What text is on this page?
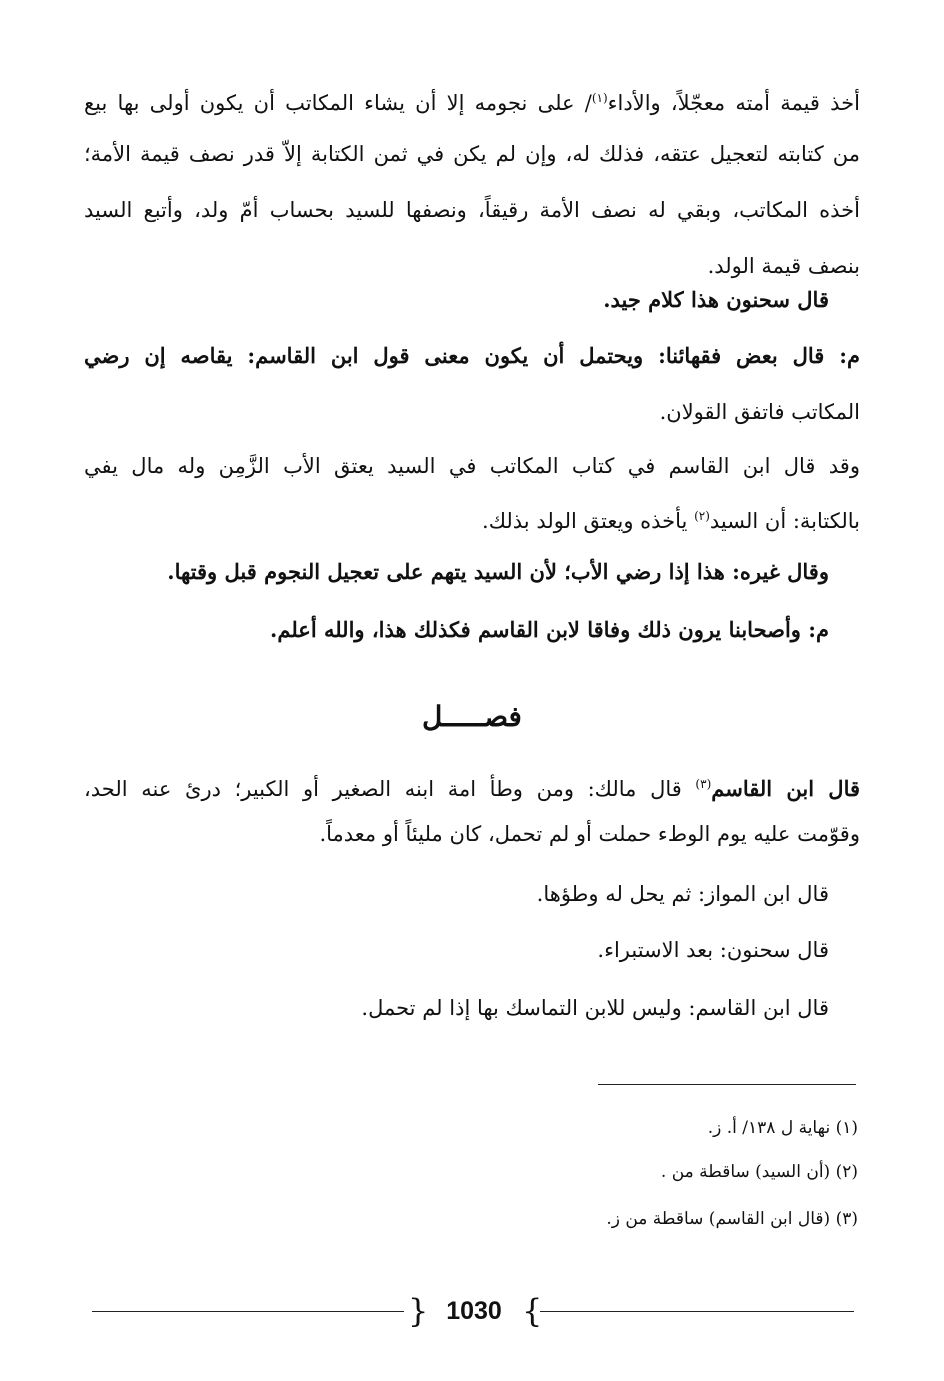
أخذ قيمة أمته معجّلاً، والأداء$^{(١)}$/ على نجومه إلا أن يشاء المكاتب أن يكون أولى بها بيع
من كتابته لتعجيل عتقه، فذلك له، وإن لم يكن في ثمن الكتابة إلاّ قدر نصف قيمة الأمة؛
أخذه المكاتب، وبقي له نصف الأمة رقيقاً، ونصفها للسيد بحساب أمّ ولد، وأتبع السيد
بنصف قيمة الولد.
قال سحنون هذا كلام جيد.
م: قال بعض فقهائنا: ويحتمل أن يكون معنى قول ابن القاسم: يقاصه إن رضي
المكاتب فاتفق القولان.
وقد قال ابن القاسم في كتاب المكاتب في السيد يعتق الأب الزَّمِن وله مال يفي
بالكتابة: أن السيد$^{(٢)}$ يأخذه ويعتق الولد بذلك.
وقال غيره: هذا إذا رضي الأب؛ لأن السيد يتهم على تعجيل النجوم قبل وقتها.
م: وأصحابنا يرون ذلك وفاقا لابن القاسم فكذلك هذا، والله أعلم.
فصـــــل
قال ابن القاسم$^{(٣)}$ قال مالك: ومن وطأ امة ابنه الصغير أو الكبير؛ درئ عنه الحد،
وقوّمت عليه يوم الوطء حملت أو لم تحمل، كان مليئاً أو معدماً.
قال ابن المواز: ثم يحل له وطؤها.
قال سحنون: بعد الاستبراء.
قال ابن القاسم: وليس للابن التماسك بها إذا لم تحمل.
(١) نهاية ل ١٣٨/ أ. ز.
(٢) (أن السيد) ساقطة من .
(٣) (قال ابن القاسم) ساقطة من ز.
{ 1030 }
